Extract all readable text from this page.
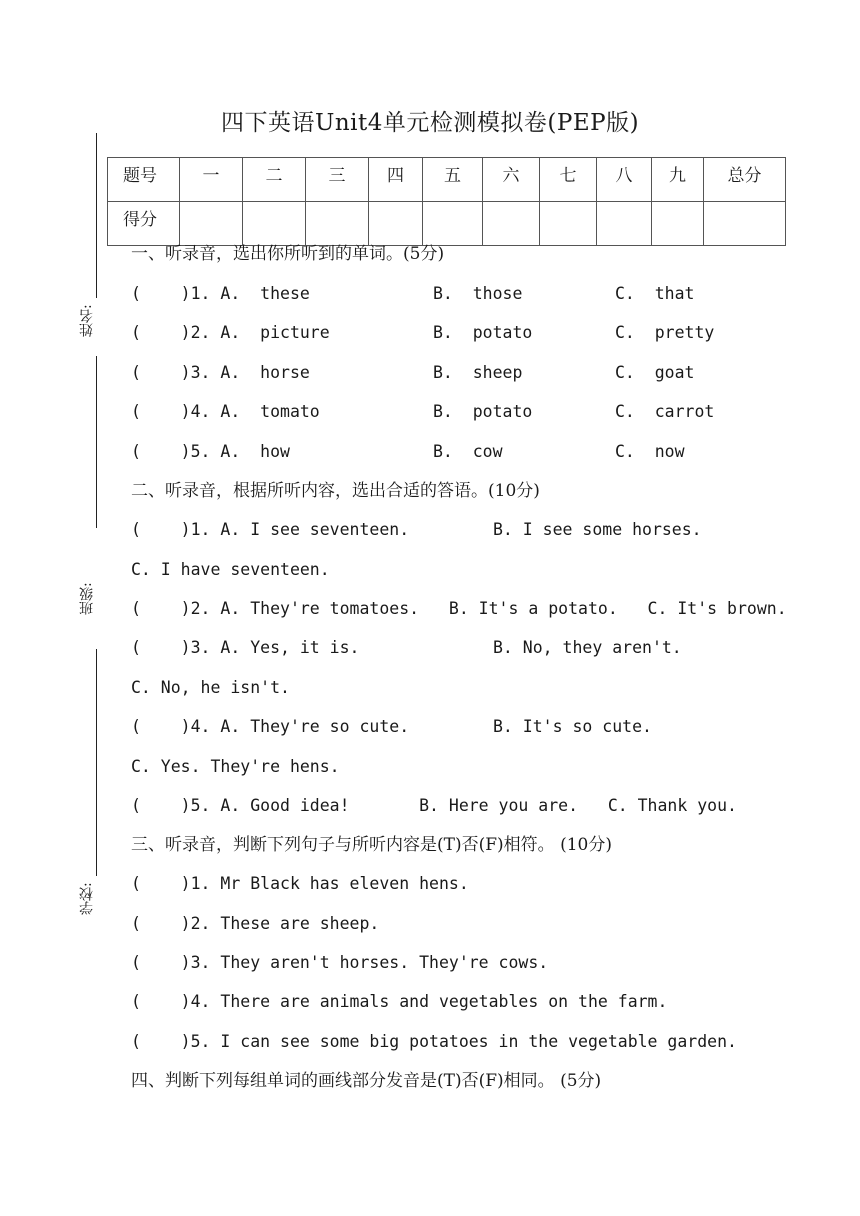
四下英语Unit4单元检测模拟卷(PEP版)
姓名:
班级:
学校:
题号	一	二	三	四	五	六	七	八	九	总分
得分										
一、听录音，选出你所听到的单词。(5分)

(    )1. A.  these

	B.  those

	C.  that

(    )2. A.  picture

	B.  potato

	C.  pretty

(    )3. A.  horse

	B.  sheep

	C.  goat

(    )4. A.  tomato

	B.  potato

	C.  carrot

(    )5. A.  how

	B.  cow

	C.  now

二、听录音，根据所听内容，选出合适的答语。(10分)

(    )1. A. I see seventeen.

	B. I see some horses.

C. I have seventeen.
(    )2. A. They're tomatoes.   B. It's a potato.   C. It's brown.

(    )3. A. Yes, it is.

	B. No, they aren't.

C. No, he isn't.

(    )4. A. They're so cute.

	B. It's so cute.

C. Yes. They're hens.
(    )5. A. Good idea!       B. Here you are.   C. Thank you.
三、听录音，判断下列句子与所听内容是(T)否(F)相符。 (10分)
(    )1. Mr Black has eleven hens.
(    )2. These are sheep.
(    )3. They aren't horses. They're cows.
(    )4. There are animals and vegetables on the farm.
(    )5. I can see some big potatoes in the vegetable garden.
四、判断下列每组单词的画线部分发音是(T)否(F)相同。 (5分)
